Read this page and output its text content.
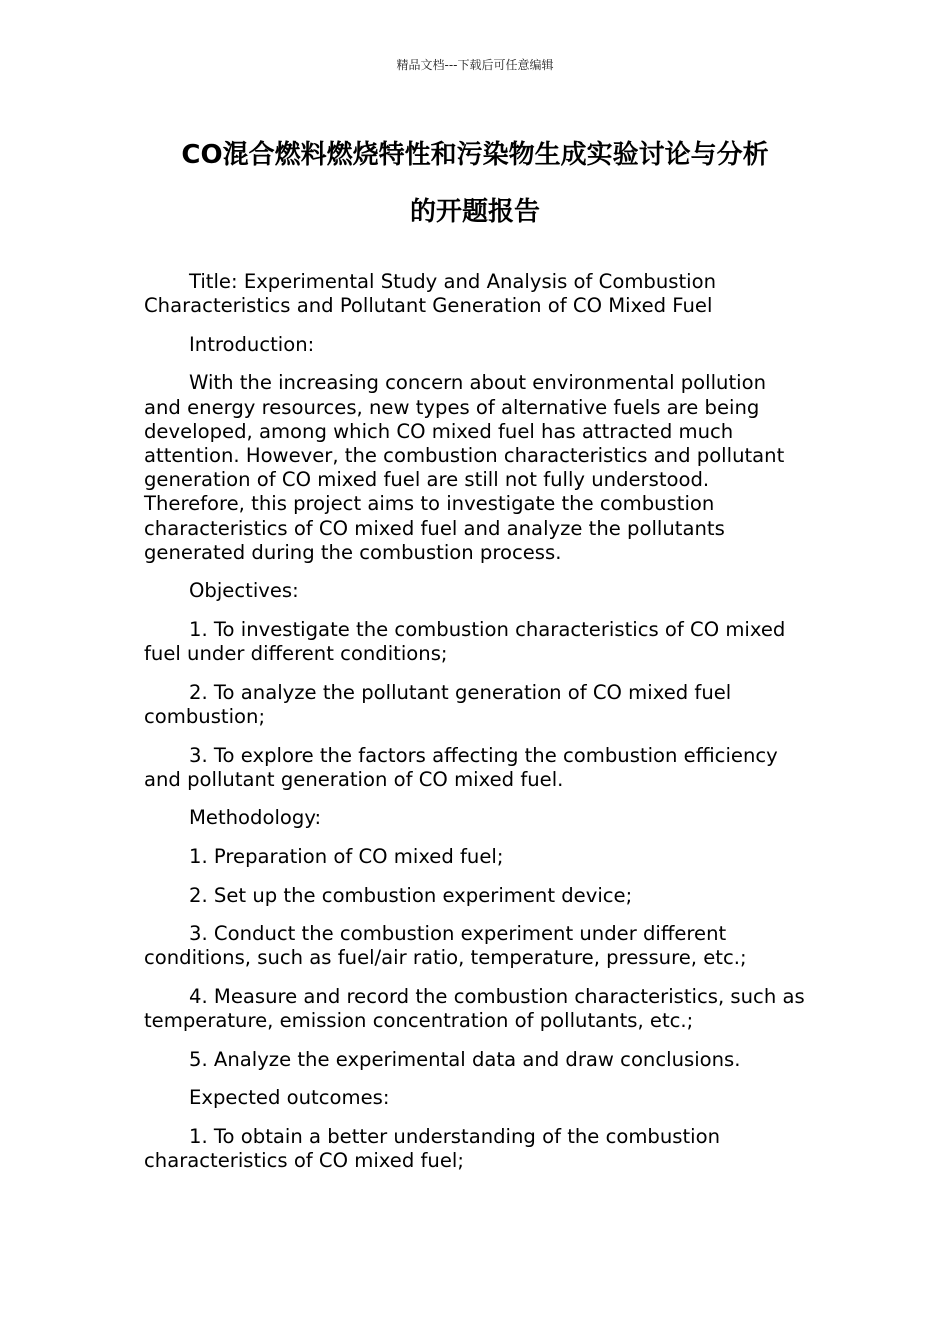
精品文档---下载后可任意编辑
CO混合燃料燃烧特性和污染物生成实验讨论与分析
的开题报告

Title: Experimental Study and Analysis of Combustion Characteristics and Pollutant Generation of CO Mixed Fuel

Introduction:

With the increasing concern about environmental pollution and energy resources, new types of alternative fuels are being developed, among which CO mixed fuel has attracted much attention. However, the combustion characteristics and pollutant generation of CO mixed fuel are still not fully understood. Therefore, this project aims to investigate the combustion characteristics of CO mixed fuel and analyze the pollutants generated during the combustion process.

Objectives:

1. To investigate the combustion characteristics of CO mixed fuel under different conditions;

2. To analyze the pollutant generation of CO mixed fuel combustion;

3. To explore the factors affecting the combustion efficiency and pollutant generation of CO mixed fuel.

Methodology:

1. Preparation of CO mixed fuel;

2. Set up the combustion experiment device;

3. Conduct the combustion experiment under different conditions, such as fuel/air ratio, temperature, pressure, etc.;

4. Measure and record the combustion characteristics, such as temperature, emission concentration of pollutants, etc.;

5. Analyze the experimental data and draw conclusions.

Expected outcomes:

1. To obtain a better understanding of the combustion characteristics of CO mixed fuel;
